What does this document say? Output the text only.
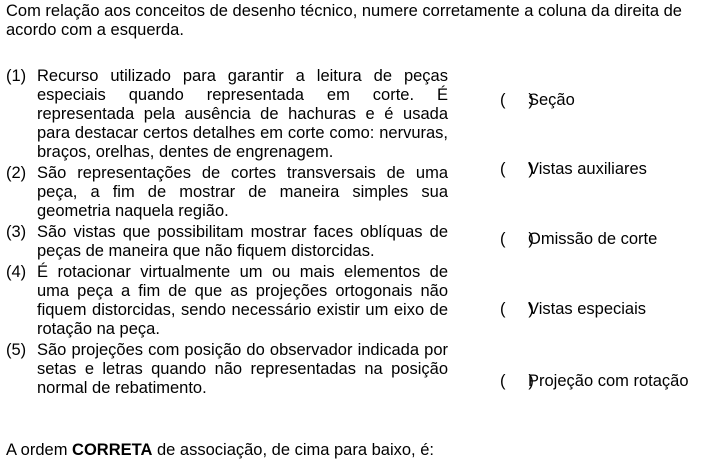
Com relação aos conceitos de desenho técnico, numere corretamente a coluna da direita de acordo com a esquerda.

(1) Recurso utilizado para garantir a leitura de peças especiais quando representada em corte. É representada pela ausência de hachuras e é usada para destacar certos detalhes em corte como: nervuras, braços, orelhas, dentes de engrenagem.
(2) São representações de cortes transversais de uma peça, a fim de mostrar de maneira simples sua geometria naquela região.
(3) São vistas que possibilitam mostrar faces oblíquas de peças de maneira que não fiquem distorcidas.
(4) É rotacionar virtualmente um ou mais elementos de uma peça a fim de que as projeções ortogonais não fiquem distorcidas, sendo necessário existir um eixo de rotação na peça.
(5) São projeções com posição do observador indicada por setas e letras quando não representadas na posição normal de rebatimento.
(     )Seção
(     )Vistas auxiliares
(     )Omissão de corte
(     )Vistas especiais
(     )Projeção com rotação

A ordem CORRETA de associação, de cima para baixo, é:
